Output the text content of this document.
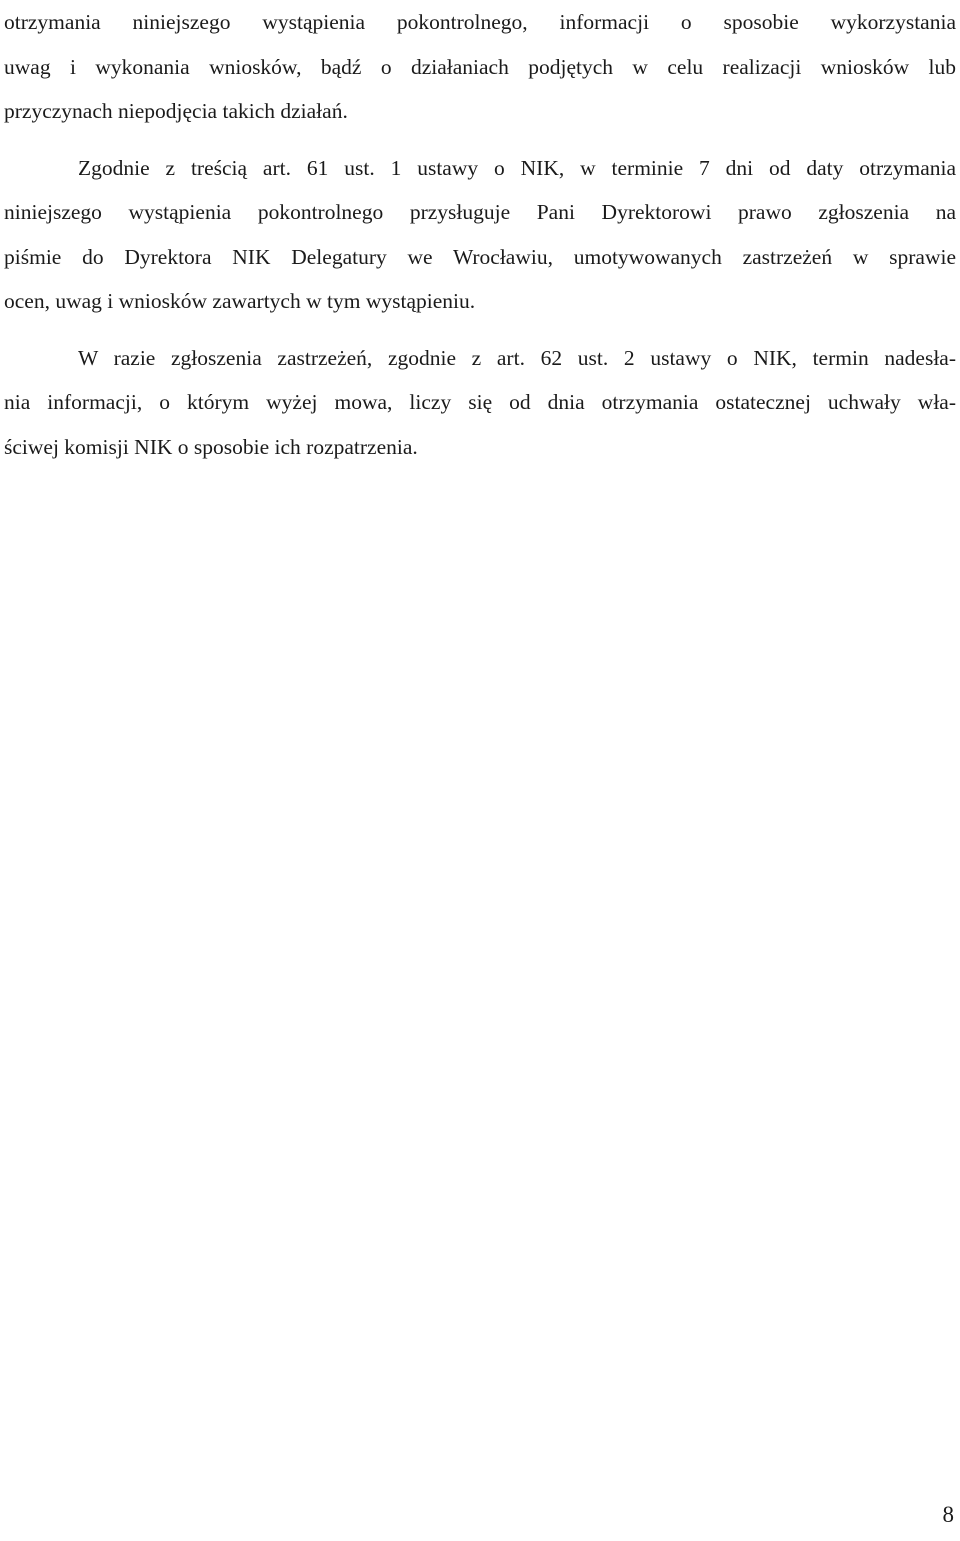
otrzymania niniejszego wystąpienia pokontrolnego, informacji o sposobie wykorzystania
uwag i wykonania wniosków, bądź o działaniach podjętych w celu realizacji wniosków lub
przyczynach niepodjęcia takich działań.
Zgodnie z treścią art. 61 ust. 1 ustawy o NIK, w terminie 7 dni od daty otrzymania
niniejszego wystąpienia pokontrolnego przysługuje Pani Dyrektorowi prawo zgłoszenia na
piśmie do Dyrektora NIK Delegatury we Wrocławiu, umotywowanych zastrzeżeń w sprawie
ocen, uwag i wniosków zawartych w tym wystąpieniu.
W razie zgłoszenia zastrzeżeń, zgodnie z art. 62 ust. 2 ustawy o NIK, termin nadesła-
nia informacji, o którym wyżej mowa, liczy się od dnia otrzymania ostatecznej uchwały wła-
ściwej komisji NIK o sposobie ich rozpatrzenia.
8
